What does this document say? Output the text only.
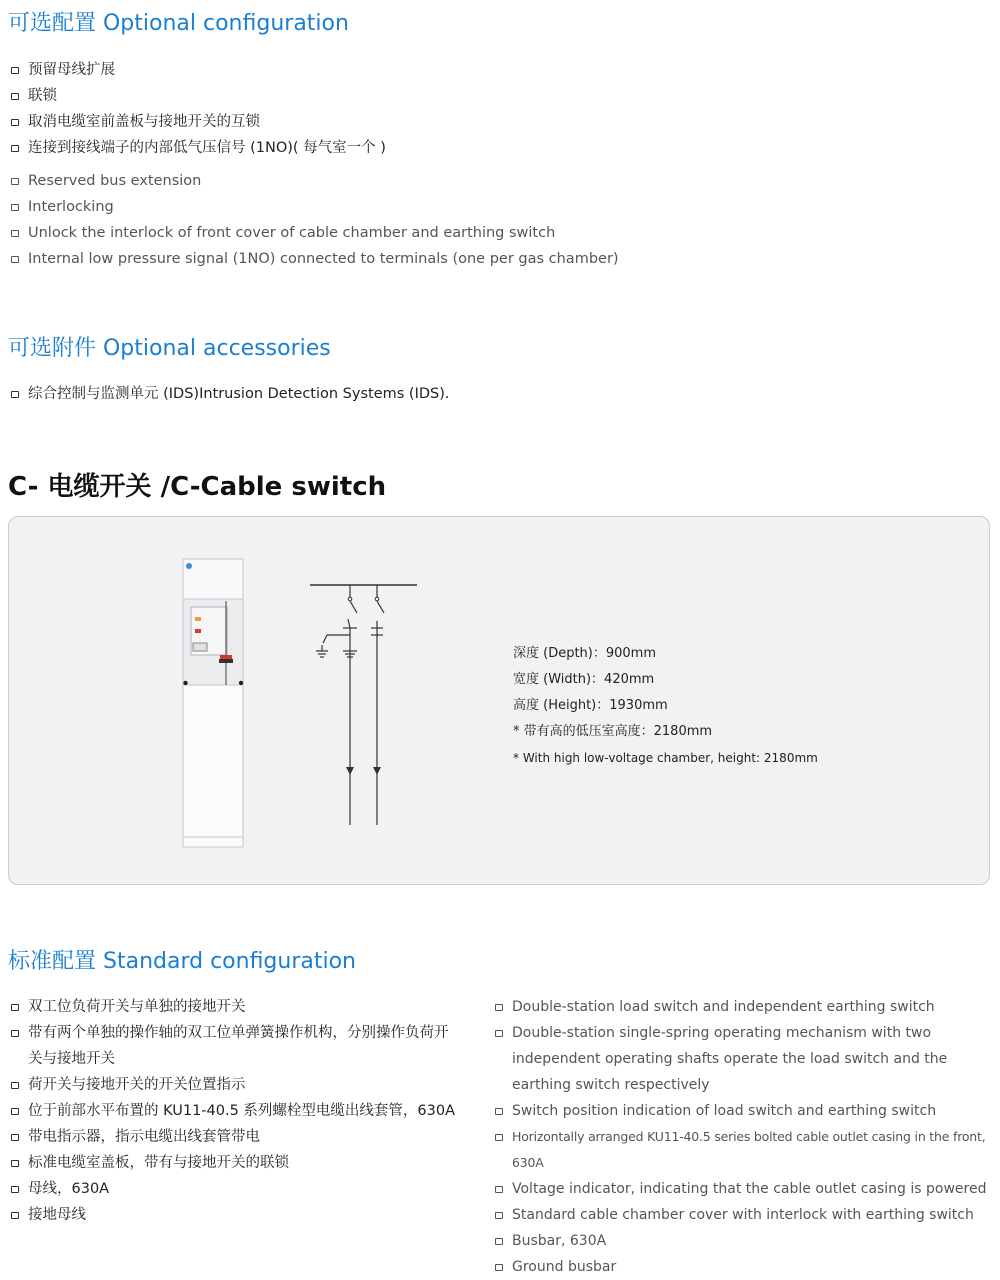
可选配置 Optional configuration
预留母线扩展
联锁
取消电缆室前盖板与接地开关的互锁
连接到接线端子的内部低气压信号 (1NO)( 每气室一个 )
Reserved bus extension
Interlocking
Unlock the interlock of front cover of cable chamber and earthing switch
Internal low pressure signal (1NO) connected to terminals (one per gas chamber)
可选附件 Optional accessories
综合控制与监测单元 (IDS)Intrusion Detection Systems (IDS).
C- 电缆开关 /C-Cable switch
深度 (Depth)：900mm
宽度 (Width)：420mm
高度 (Height)：1930mm
* 带有高的低压室高度：2180mm
* With high low-voltage chamber, height: 2180mm
标准配置 Standard configuration
双工位负荷开关与单独的接地开关
带有两个单独的操作轴的双工位单弹簧操作机构，分别操作负荷开关与接地开关
荷开关与接地开关的开关位置指示
位于前部水平布置的 KU11-40.5 系列螺栓型电缆出线套管，630A
带电指示器，指示电缆出线套管带电
标准电缆室盖板，带有与接地开关的联锁
母线，630A
接地母线
Double-station load switch and independent earthing switch
Double-station single-spring operating mechanism with two independent operating shafts operate the load switch and the earthing switch respectively
Switch position indication of load switch and earthing switch
Horizontally arranged KU11-40.5 series bolted cable outlet casing in the front, 630A
Voltage indicator, indicating that the cable outlet casing is powered
Standard cable chamber cover with interlock with earthing switch
Busbar, 630A
Ground busbar
